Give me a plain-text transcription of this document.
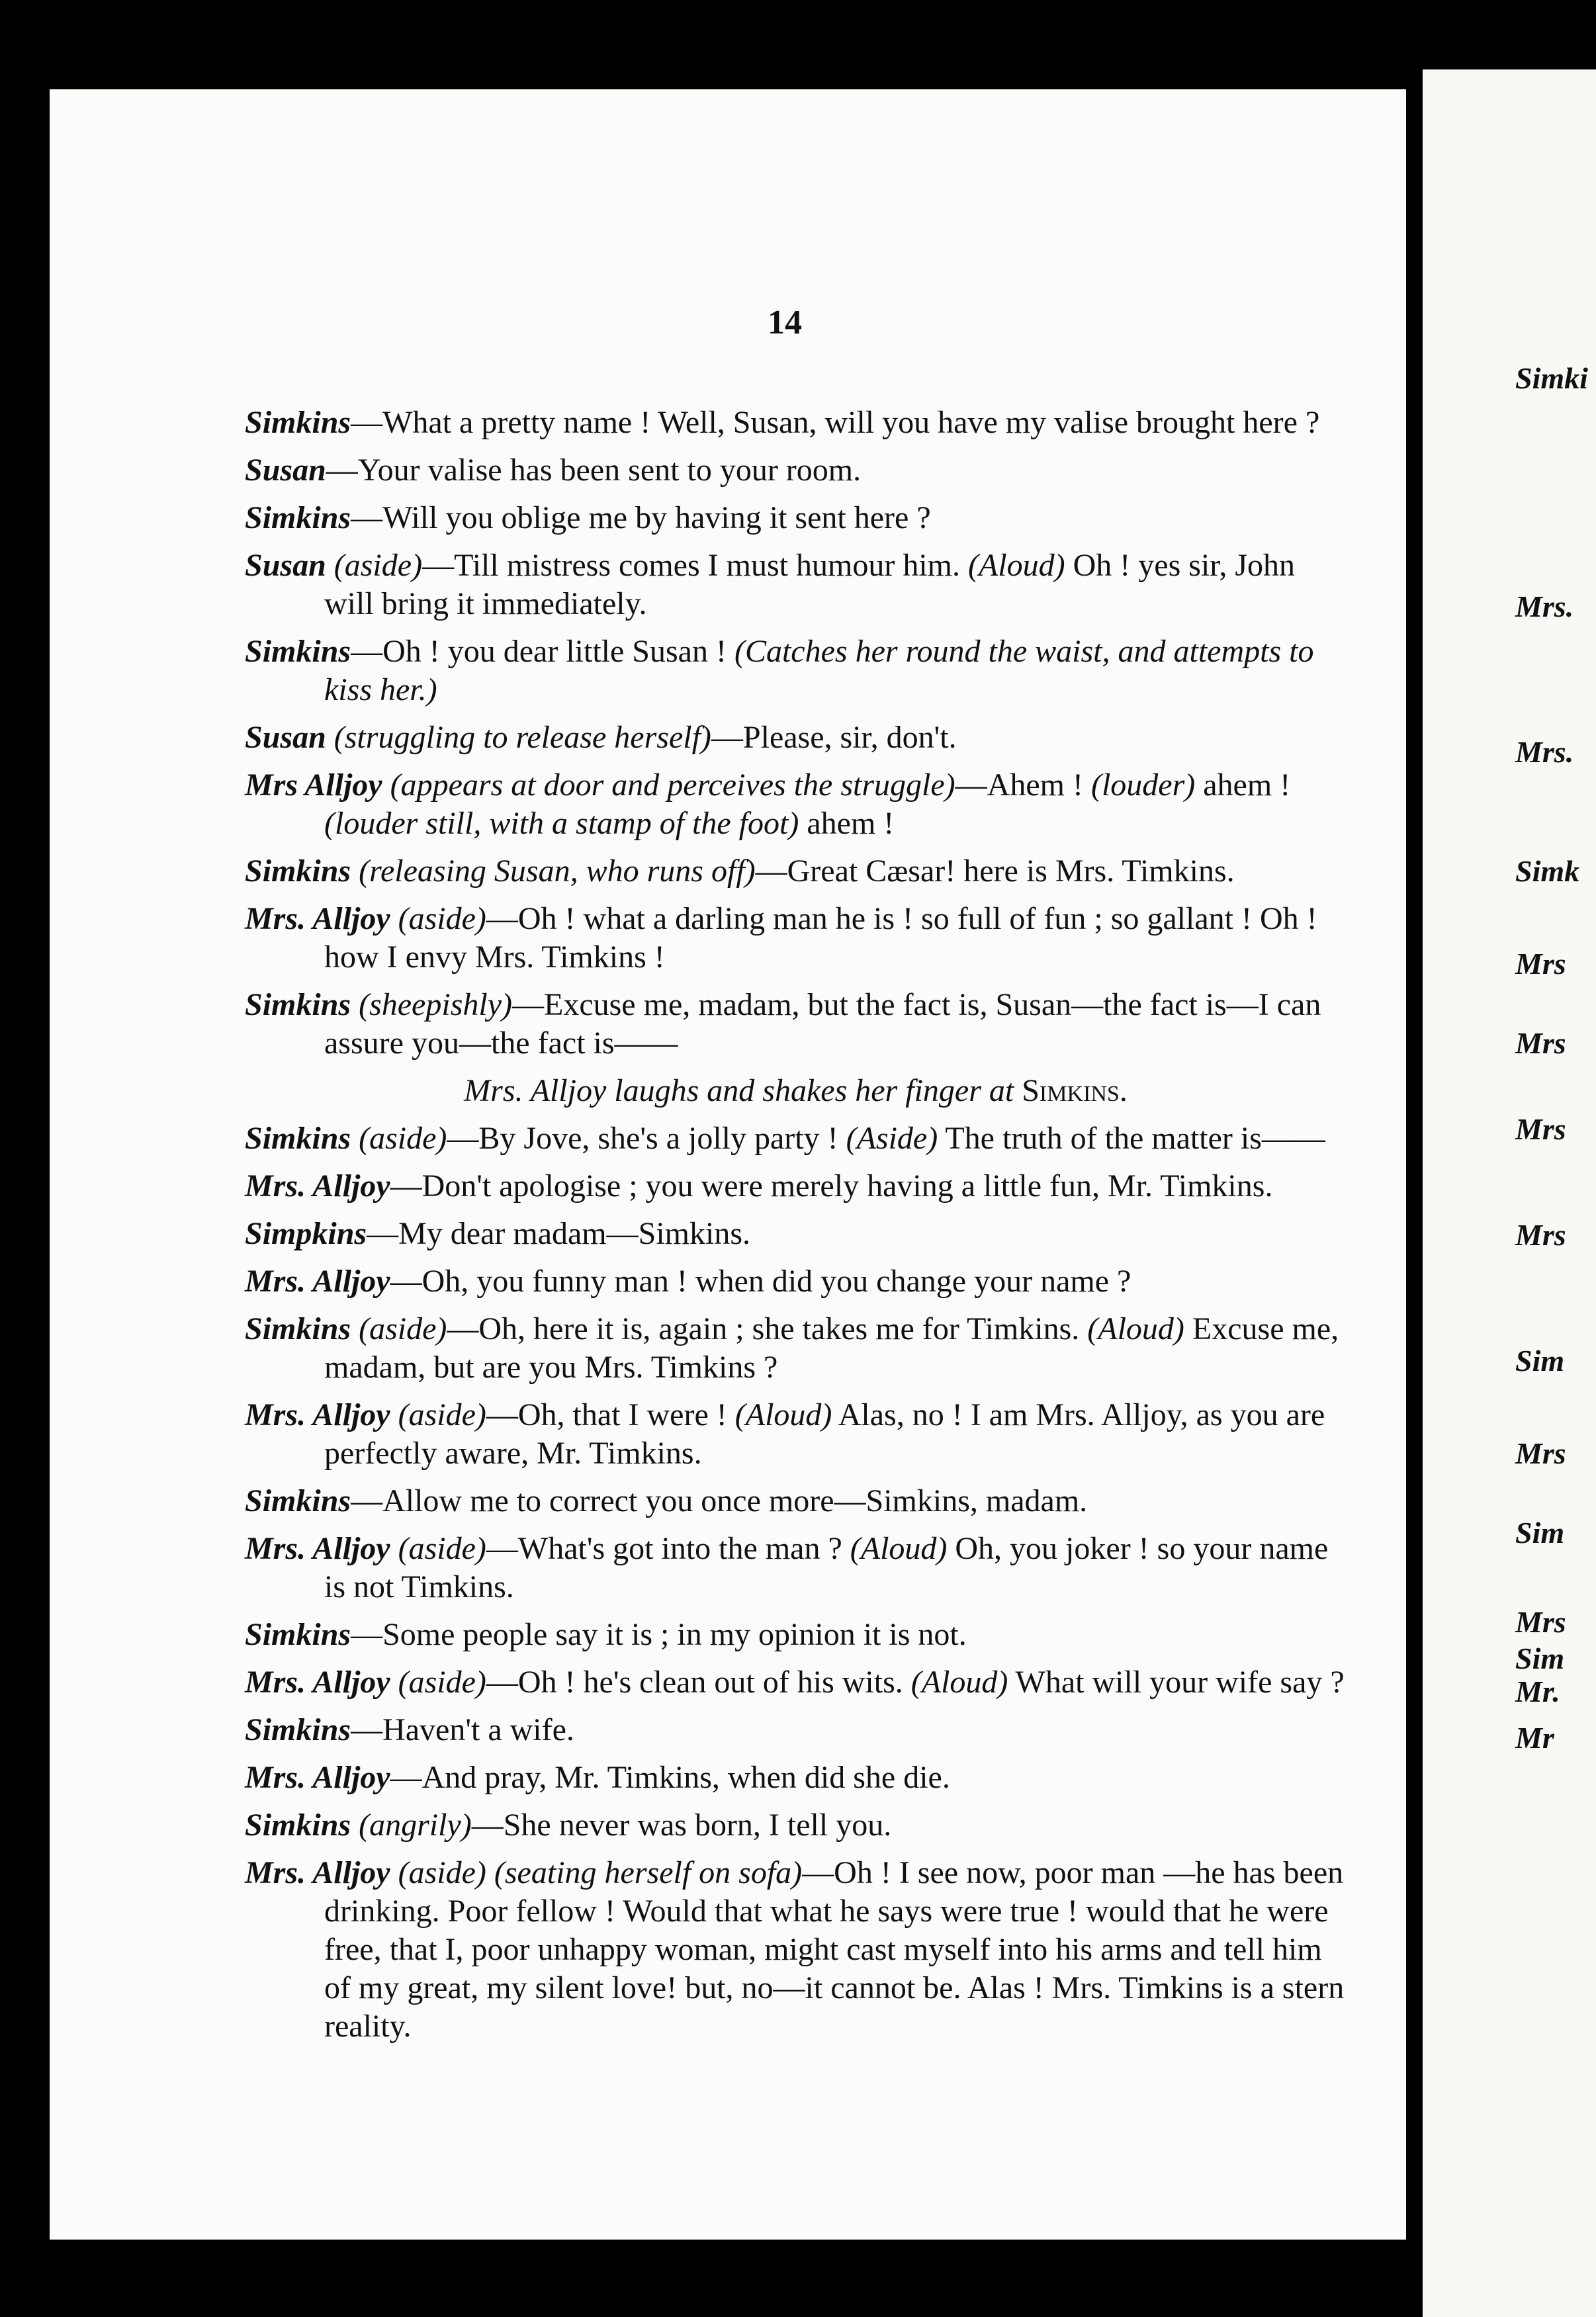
14
Simkins—What a pretty name ! Well, Susan, will you have my valise brought here ?
Susan—Your valise has been sent to your room.
Simkins—Will you oblige me by having it sent here ?
Susan (aside)—Till mistress comes I must humour him. (Aloud) Oh ! yes sir, John will bring it immediately.
Simkins—Oh ! you dear little Susan ! (Catches her round the waist, and attempts to kiss her.)
Susan (struggling to release herself)—Please, sir, don't.
Mrs Alljoy (appears at door and perceives the struggle)—Ahem ! (louder) ahem ! (louder still, with a stamp of the foot) ahem !
Simkins (releasing Susan, who runs off)—Great Cæsar! here is Mrs. Timkins.
Mrs. Alljoy (aside)—Oh ! what a darling man he is ! so full of fun ; so gallant ! Oh ! how I envy Mrs. Timkins !
Simkins (sheepishly)—Excuse me, madam, but the fact is, Susan—the fact is—I can assure you—the fact is——
Mrs. Alljoy laughs and shakes her finger at Simkins.
Simkins (aside)—By Jove, she's a jolly party ! (Aside) The truth of the matter is——
Mrs. Alljoy—Don't apologise ; you were merely having a little fun, Mr. Timkins.
Simpkins—My dear madam—Simkins.
Mrs. Alljoy—Oh, you funny man ! when did you change your name ?
Simkins (aside)—Oh, here it is, again ; she takes me for Timkins. (Aloud) Excuse me, madam, but are you Mrs. Timkins ?
Mrs. Alljoy (aside)—Oh, that I were ! (Aloud) Alas, no ! I am Mrs. Alljoy, as you are perfectly aware, Mr. Timkins.
Simkins—Allow me to correct you once more—Simkins, madam.
Mrs. Alljoy (aside)—What's got into the man ? (Aloud) Oh, you joker ! so your name is not Timkins.
Simkins—Some people say it is ; in my opinion it is not.
Mrs. Alljoy (aside)—Oh ! he's clean out of his wits. (Aloud) What will your wife say ?
Simkins—Haven't a wife.
Mrs. Alljoy—And pray, Mr. Timkins, when did she die.
Simkins (angrily)—She never was born, I tell you.
Mrs. Alljoy (aside) (seating herself on sofa)—Oh ! I see now, poor man —he has been drinking. Poor fellow ! Would that what he says were true ! would that he were free, that I, poor unhappy woman, might cast myself into his arms and tell him of my great, my silent love! but, no—it cannot be. Alas ! Mrs. Timkins is a stern reality.
Simki
Mrs.
Mrs.
Simk
Mrs
Mrs
Mrs
Mrs
Sim
Mrs
Sim
Mrs
Sim
Mr.
Mr
